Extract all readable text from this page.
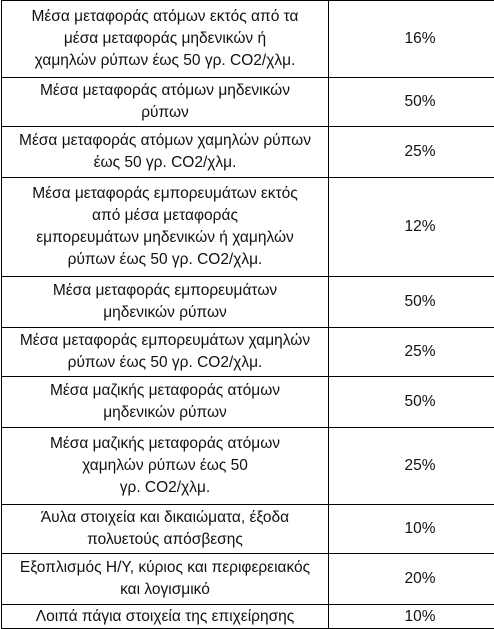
Μέσα μεταφοράς ατόμων εκτός από τα
μέσα μεταφοράς μηδενικών ή
χαμηλών ρύπων έως 50 γρ. CO2/χλμ.	16%
Μέσα μεταφοράς ατόμων μηδενικών
ρύπων	50%
Μέσα μεταφοράς ατόμων χαμηλών ρύπων
έως 50 γρ. CO2/χλμ.	25%
Μέσα μεταφοράς εμπορευμάτων εκτός
από μέσα μεταφοράς
εμπορευμάτων μηδενικών ή χαμηλών
ρύπων έως 50 γρ. CO2/χλμ.	12%
Μέσα μεταφοράς εμπορευμάτων
μηδενικών ρύπων	50%
Μέσα μεταφοράς εμπορευμάτων χαμηλών
ρύπων έως 50 γρ. CO2/χλμ.	25%
Μέσα μαζικής μεταφοράς ατόμων
μηδενικών ρύπων	50%
Μέσα μαζικής μεταφοράς ατόμων
χαμηλών ρύπων έως 50
γρ. CO2/χλμ.	25%
Άυλα στοιχεία και δικαιώματα, έξοδα
πολυετούς απόσβεσης	10%
Εξοπλισμός Η/Υ, κύριος και περιφερειακός
και λογισμικό	20%
Λοιπά πάγια στοιχεία της επιχείρησης	10%
